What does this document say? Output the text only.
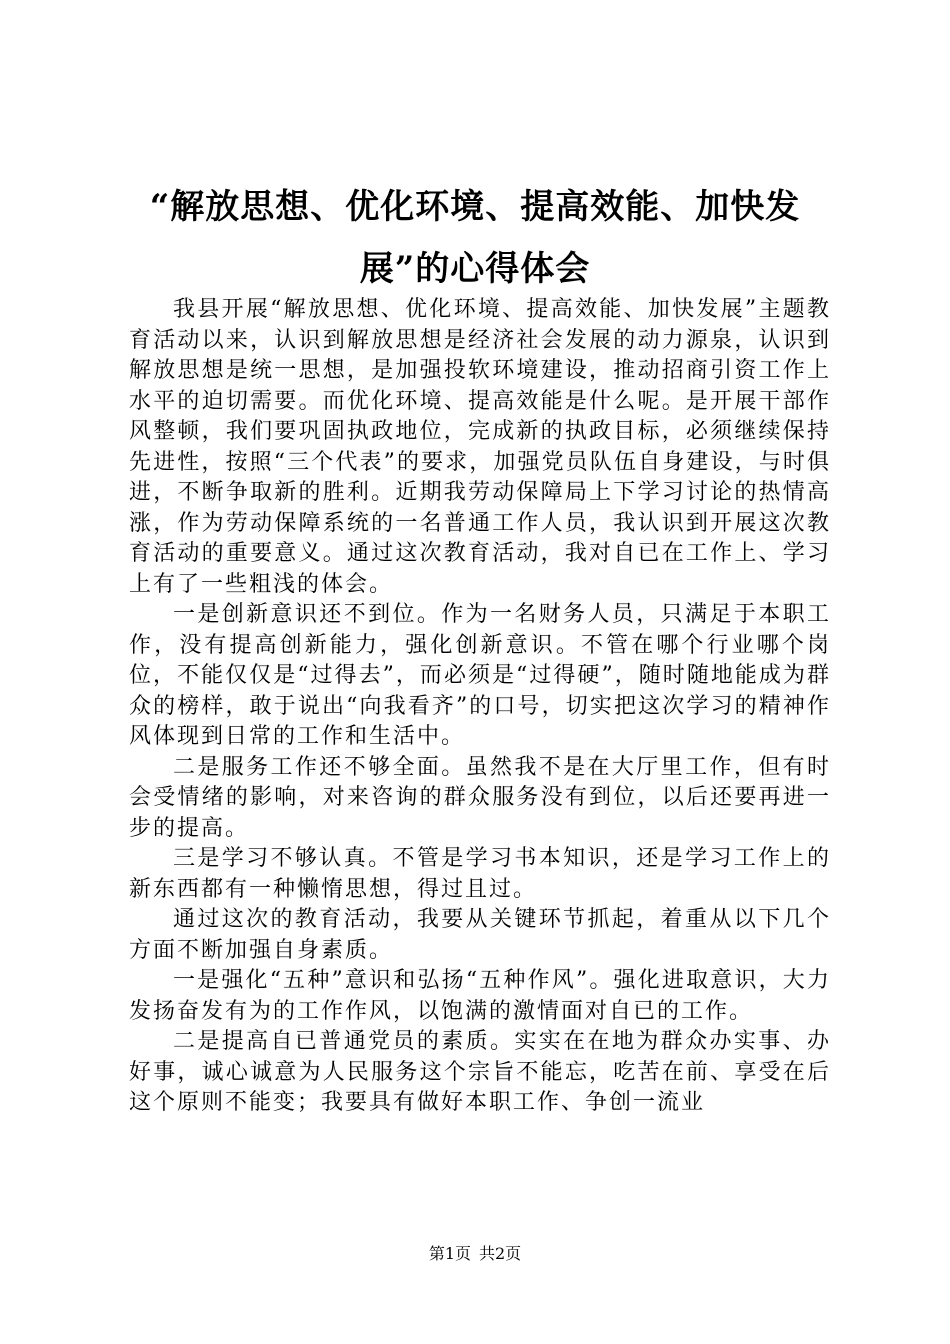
“解放思想、优化环境、提高效能、加快发
展”的心得体会

我县开展“解放思想、优化环境、提高效能、加快发展”主题教育活动以来，认识到解放思想是经济社会发展的动力源泉，认识到解放思想是统一思想，是加强投软环境建设，推动招商引资工作上水平的迫切需要。而优化环境、提高效能是什么呢。是开展干部作风整顿，我们要巩固执政地位，完成新的执政目标，必须继续保持先进性，按照“三个代表”的要求，加强党员队伍自身建设，与时俱进，不断争取新的胜利。近期我劳动保障局上下学习讨论的热情高涨，作为劳动保障系统的一名普通工作人员，我认识到开展这次教育活动的重要意义。通过这次教育活动，我对自已在工作上、学习上有了一些粗浅的体会。

一是创新意识还不到位。作为一名财务人员，只满足于本职工作，没有提高创新能力，强化创新意识。不管在哪个行业哪个岗位，不能仅仅是“过得去”，而必须是“过得硬”，随时随地能成为群众的榜样，敢于说出“向我看齐”的口号，切实把这次学习的精神作风体现到日常的工作和生活中。

二是服务工作还不够全面。虽然我不是在大厅里工作，但有时会受情绪的影响，对来咨询的群众服务没有到位，以后还要再进一步的提高。

三是学习不够认真。不管是学习书本知识，还是学习工作上的新东西都有一种懒惰思想，得过且过。

通过这次的教育活动，我要从关键环节抓起，着重从以下几个方面不断加强自身素质。

一是强化“五种”意识和弘扬“五种作风”。强化进取意识，大力发扬奋发有为的工作作风，以饱满的激情面对自已的工作。

二是提高自已普通党员的素质。实实在在地为群众办实事、办好事，诚心诚意为人民服务这个宗旨不能忘，吃苦在前、享受在后这个原则不能变；我要具有做好本职工作、争创一流业

第1页 共2页
